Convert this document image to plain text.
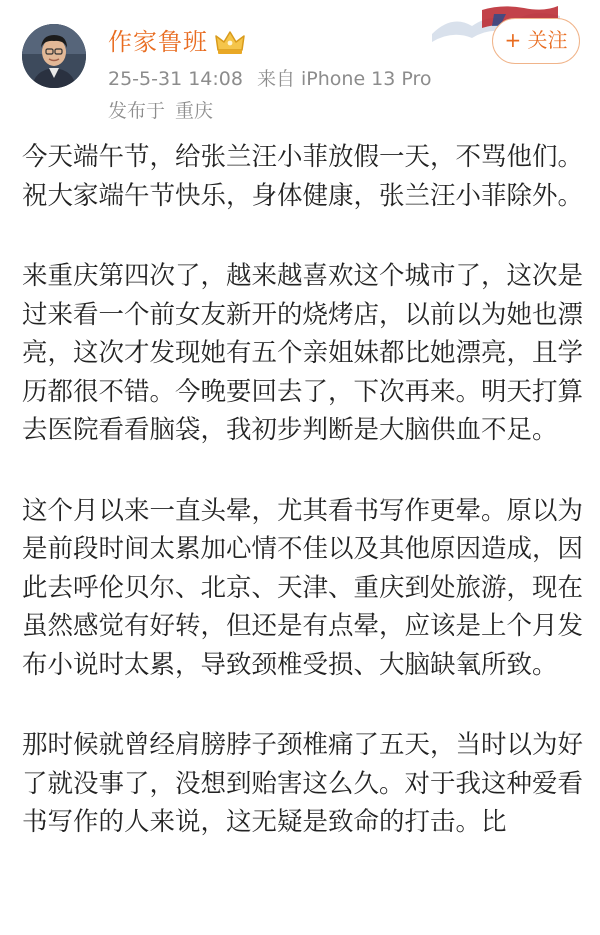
作家鲁班	+ 关注
25-5-31 14:08 来自 iPhone 13 Pro
发布于 重庆

今天端午节，给张兰汪小菲放假一天，不骂他们。祝大家端午节快乐，身体健康，张兰汪小菲除外。

来重庆第四次了，越来越喜欢这个城市了，这次是过来看一个前女友新开的烧烤店，以前以为她也漂亮，这次才发现她有五个亲姐妹都比她漂亮，且学历都很不错。今晚要回去了，下次再来。明天打算去医院看看脑袋，我初步判断是大脑供血不足。

这个月以来一直头晕，尤其看书写作更晕。原以为是前段时间太累加心情不佳以及其他原因造成，因此去呼伦贝尔、北京、天津、重庆到处旅游，现在虽然感觉有好转，但还是有点晕，应该是上个月发布小说时太累，导致颈椎受损、大脑缺氧所致。

那时候就曾经肩膀脖子颈椎痛了五天，当时以为好了就没事了，没想到贻害这么久。对于我这种爱看书写作的人来说，这无疑是致命的打击。比
